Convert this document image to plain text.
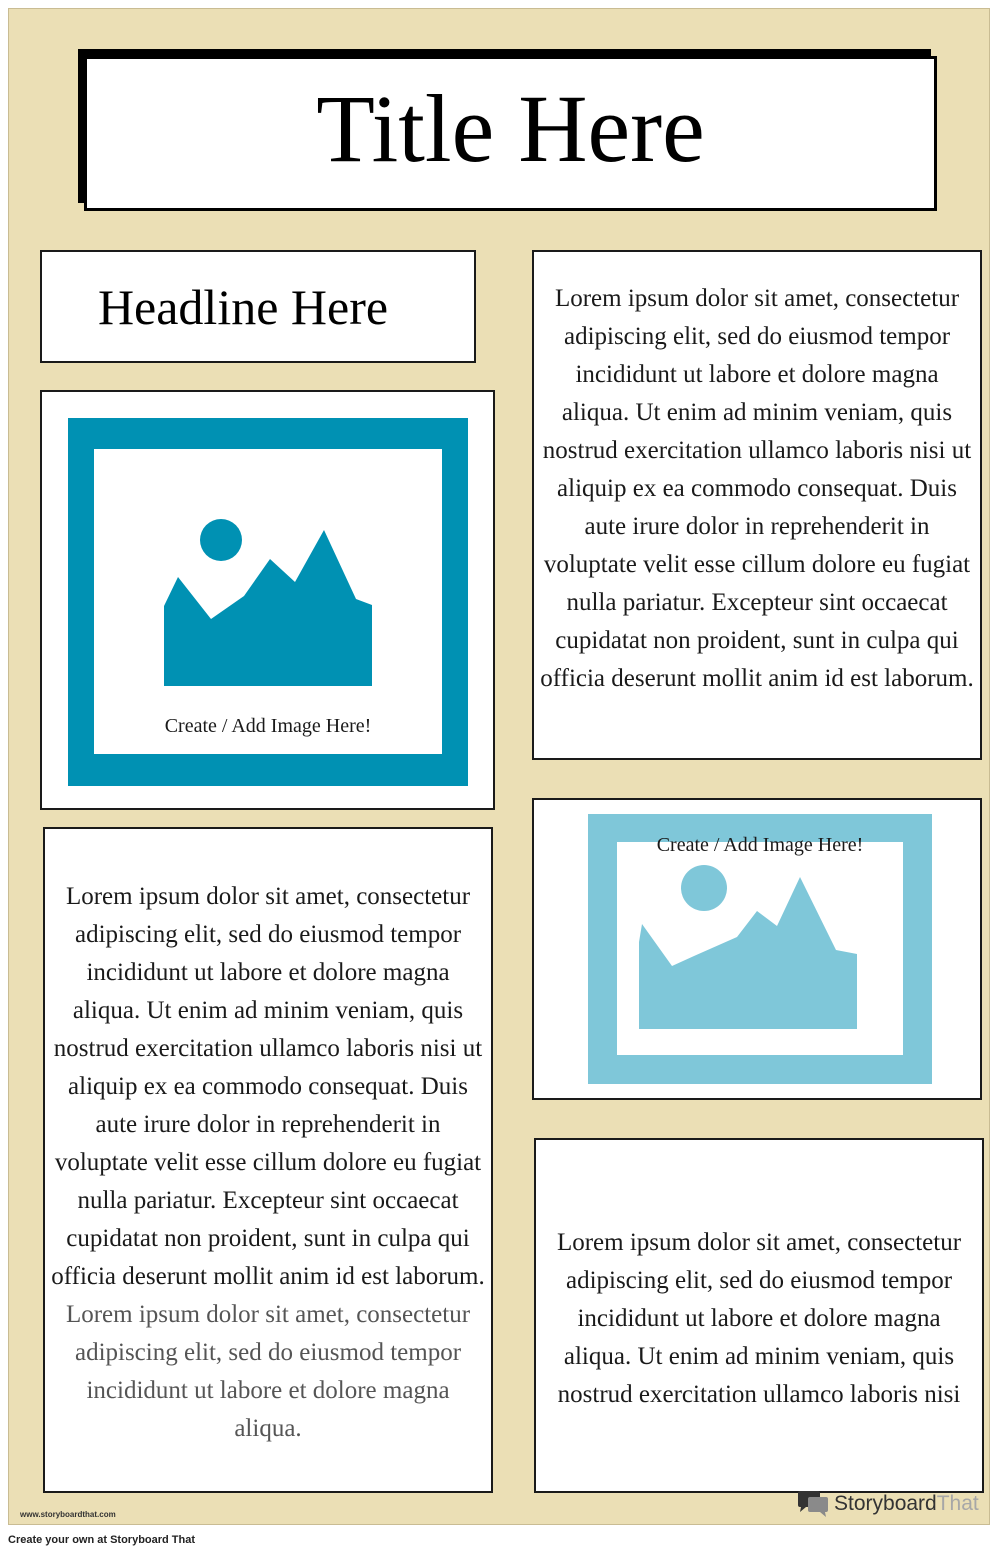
Title Here
Headline Here	Lorem ipsum dolor sit amet, consectetur adipiscing elit, sed do eiusmod tempor incididunt ut labore et dolore magna aliqua. Ut enim ad minim veniam, quis nostrud exercitation ullamco laboris nisi ut aliquip ex ea commodo consequat. Duis aute irure dolor in reprehenderit in voluptate velit esse cillum dolore eu fugiat nulla pariatur. Excepteur sint occaecat cupidatat non proident, sunt in culpa qui officia deserunt mollit anim id est laborum.

Create / Add Image Here!

Lorem ipsum dolor sit amet, consectetur adipiscing elit, sed do eiusmod tempor incididunt ut labore et dolore magna aliqua. Ut enim ad minim veniam, quis nostrud exercitation ullamco laboris nisi ut aliquip ex ea commodo consequat. Duis aute irure dolor in reprehenderit in voluptate velit esse cillum dolore eu fugiat nulla pariatur. Excepteur sint occaecat cupidatat non proident, sunt in culpa qui officia deserunt mollit anim id est laborum. Lorem ipsum dolor sit amet, consectetur adipiscing elit, sed do eiusmod tempor incididunt ut labore et dolore magna aliqua.

Create / Add Image Here!

Lorem ipsum dolor sit amet, consectetur adipiscing elit, sed do eiusmod tempor incididunt ut labore et dolore magna aliqua. Ut enim ad minim veniam, quis nostrud exercitation ullamco laboris nisi

www.storyboardthat.com	StoryboardThat
Create your own at Storyboard That
